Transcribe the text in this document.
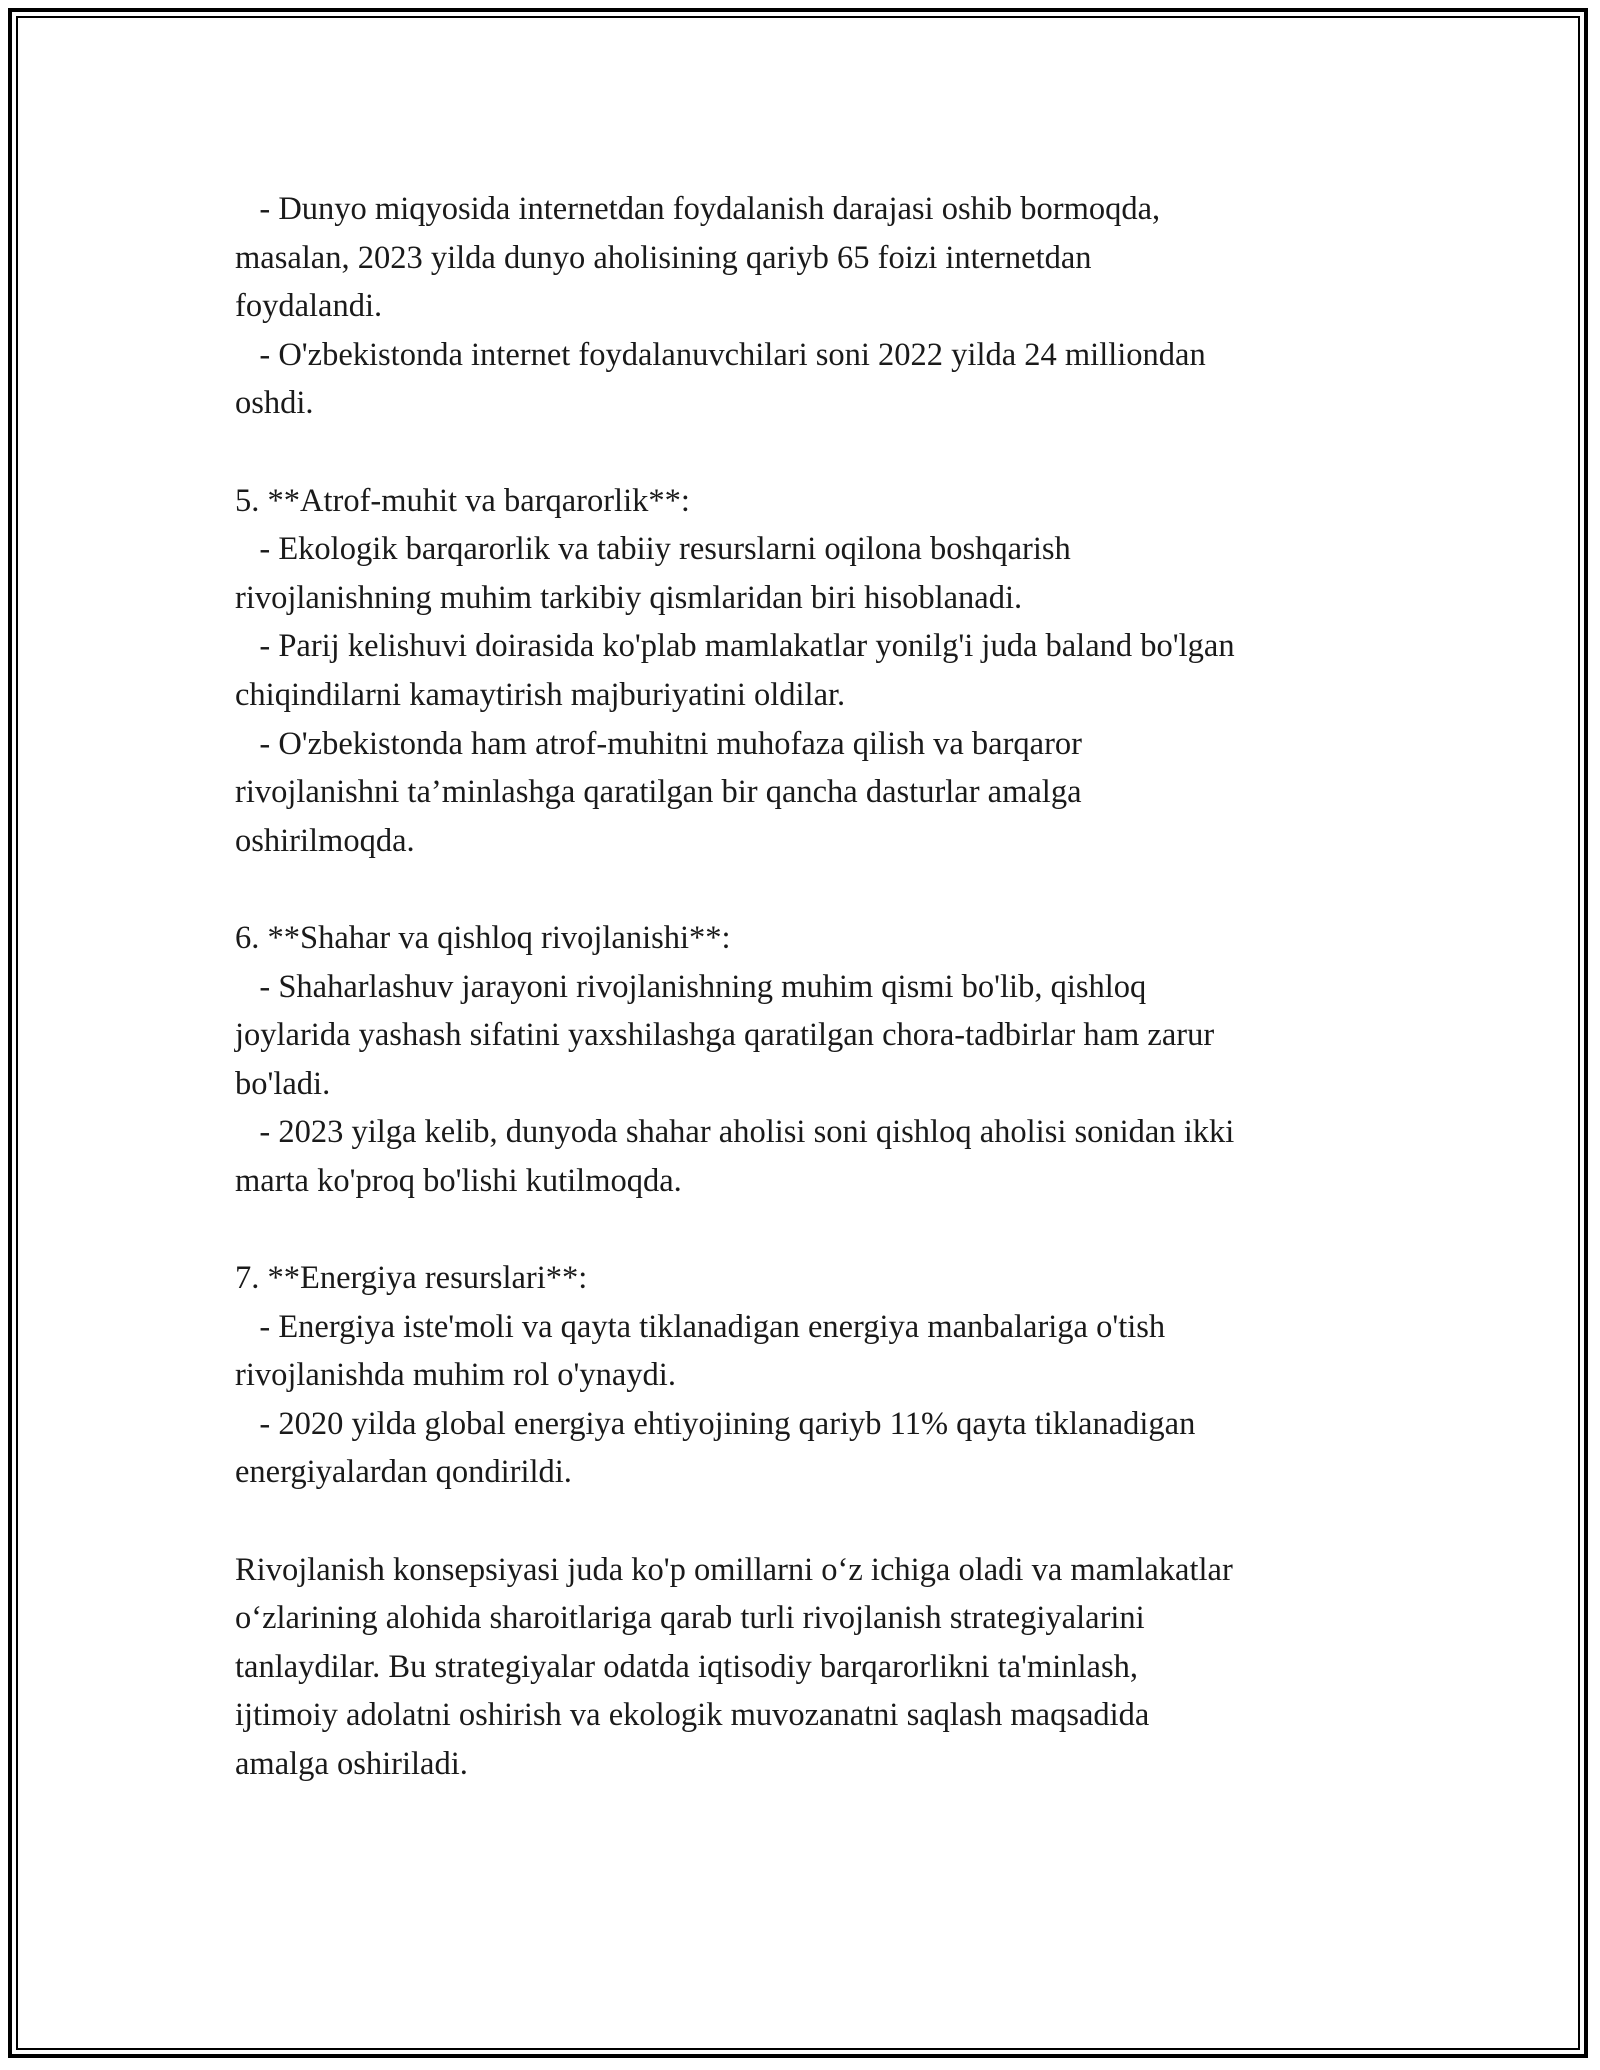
- Dunyo miqyosida internetdan foydalanish darajasi oshib bormoqda,
masalan, 2023 yilda dunyo aholisining qariyb 65 foizi internetdan
foydalandi.
- O'zbekistonda internet foydalanuvchilari soni 2022 yilda 24 milliondan
oshdi.
5. **Atrof-muhit va barqarorlik**:
- Ekologik barqarorlik va tabiiy resurslarni oqilona boshqarish
rivojlanishning muhim tarkibiy qismlaridan biri hisoblanadi.
- Parij kelishuvi doirasida ko'plab mamlakatlar yonilg'i juda baland bo'lgan
chiqindilarni kamaytirish majburiyatini oldilar.
- O'zbekistonda ham atrof-muhitni muhofaza qilish va barqaror
rivojlanishni ta’minlashga qaratilgan bir qancha dasturlar amalga
oshirilmoqda.
6. **Shahar va qishloq rivojlanishi**:
- Shaharlashuv jarayoni rivojlanishning muhim qismi bo'lib, qishloq
joylarida yashash sifatini yaxshilashga qaratilgan chora-tadbirlar ham zarur
bo'ladi.
- 2023 yilga kelib, dunyoda shahar aholisi soni qishloq aholisi sonidan ikki
marta ko'proq bo'lishi kutilmoqda.
7. **Energiya resurslari**:
- Energiya iste'moli va qayta tiklanadigan energiya manbalariga o'tish
rivojlanishda muhim rol o'ynaydi.
- 2020 yilda global energiya ehtiyojining qariyb 11% qayta tiklanadigan
energiyalardan qondirildi.
Rivojlanish konsepsiyasi juda ko'p omillarni o‘z ichiga oladi va mamlakatlar
o‘zlarining alohida sharoitlariga qarab turli rivojlanish strategiyalarini
tanlaydilar. Bu strategiyalar odatda iqtisodiy barqarorlikni ta'minlash,
ijtimoiy adolatni oshirish va ekologik muvozanatni saqlash maqsadida
amalga oshiriladi.
